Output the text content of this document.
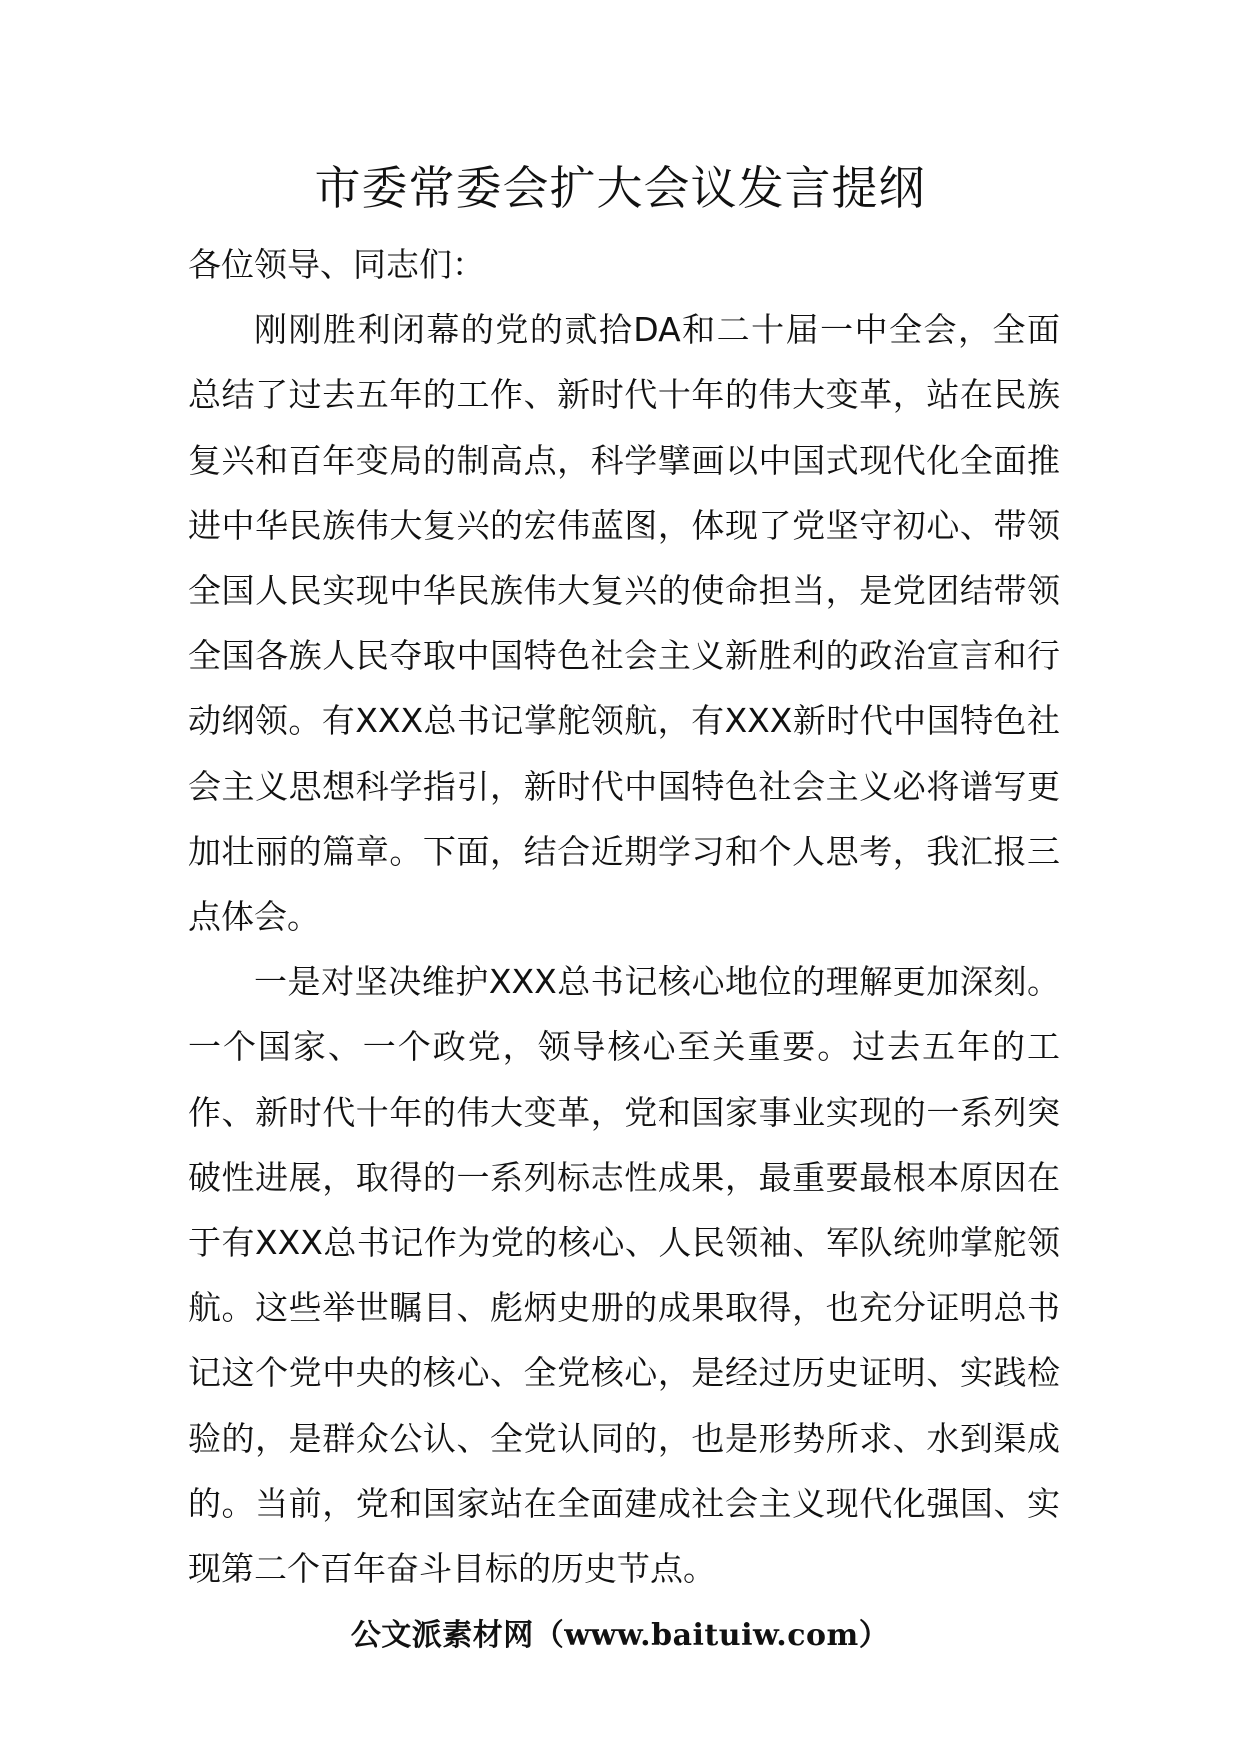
市委常委会扩大会议发言提纲

各位领导、同志们：

刚刚胜利闭幕的党的贰拾DA和二十届一中全会，全面总结了过去五年的工作、新时代十年的伟大变革，站在民族复兴和百年变局的制高点，科学擘画以中国式现代化全面推进中华民族伟大复兴的宏伟蓝图，体现了党坚守初心、带领全国人民实现中华民族伟大复兴的使命担当，是党团结带领全国各族人民夺取中国特色社会主义新胜利的政治宣言和行动纲领。有XXX总书记掌舵领航，有XXX新时代中国特色社会主义思想科学指引，新时代中国特色社会主义必将谱写更加壮丽的篇章。下面，结合近期学习和个人思考，我汇报三点体会。

一是对坚决维护XXX总书记核心地位的理解更加深刻。一个国家、一个政党，领导核心至关重要。过去五年的工作、新时代十年的伟大变革，党和国家事业实现的一系列突破性进展，取得的一系列标志性成果，最重要最根本原因在于有XXX总书记作为党的核心、人民领袖、军队统帅掌舵领航。这些举世瞩目、彪炳史册的成果取得，也充分证明总书记这个党中央的核心、全党核心，是经过历史证明、实践检验的，是群众公认、全党认同的，也是形势所求、水到渠成的。当前，党和国家站在全面建成社会主义现代化强国、实现第二个百年奋斗目标的历史节点。

公文派素材网（www.baituiw.com）
